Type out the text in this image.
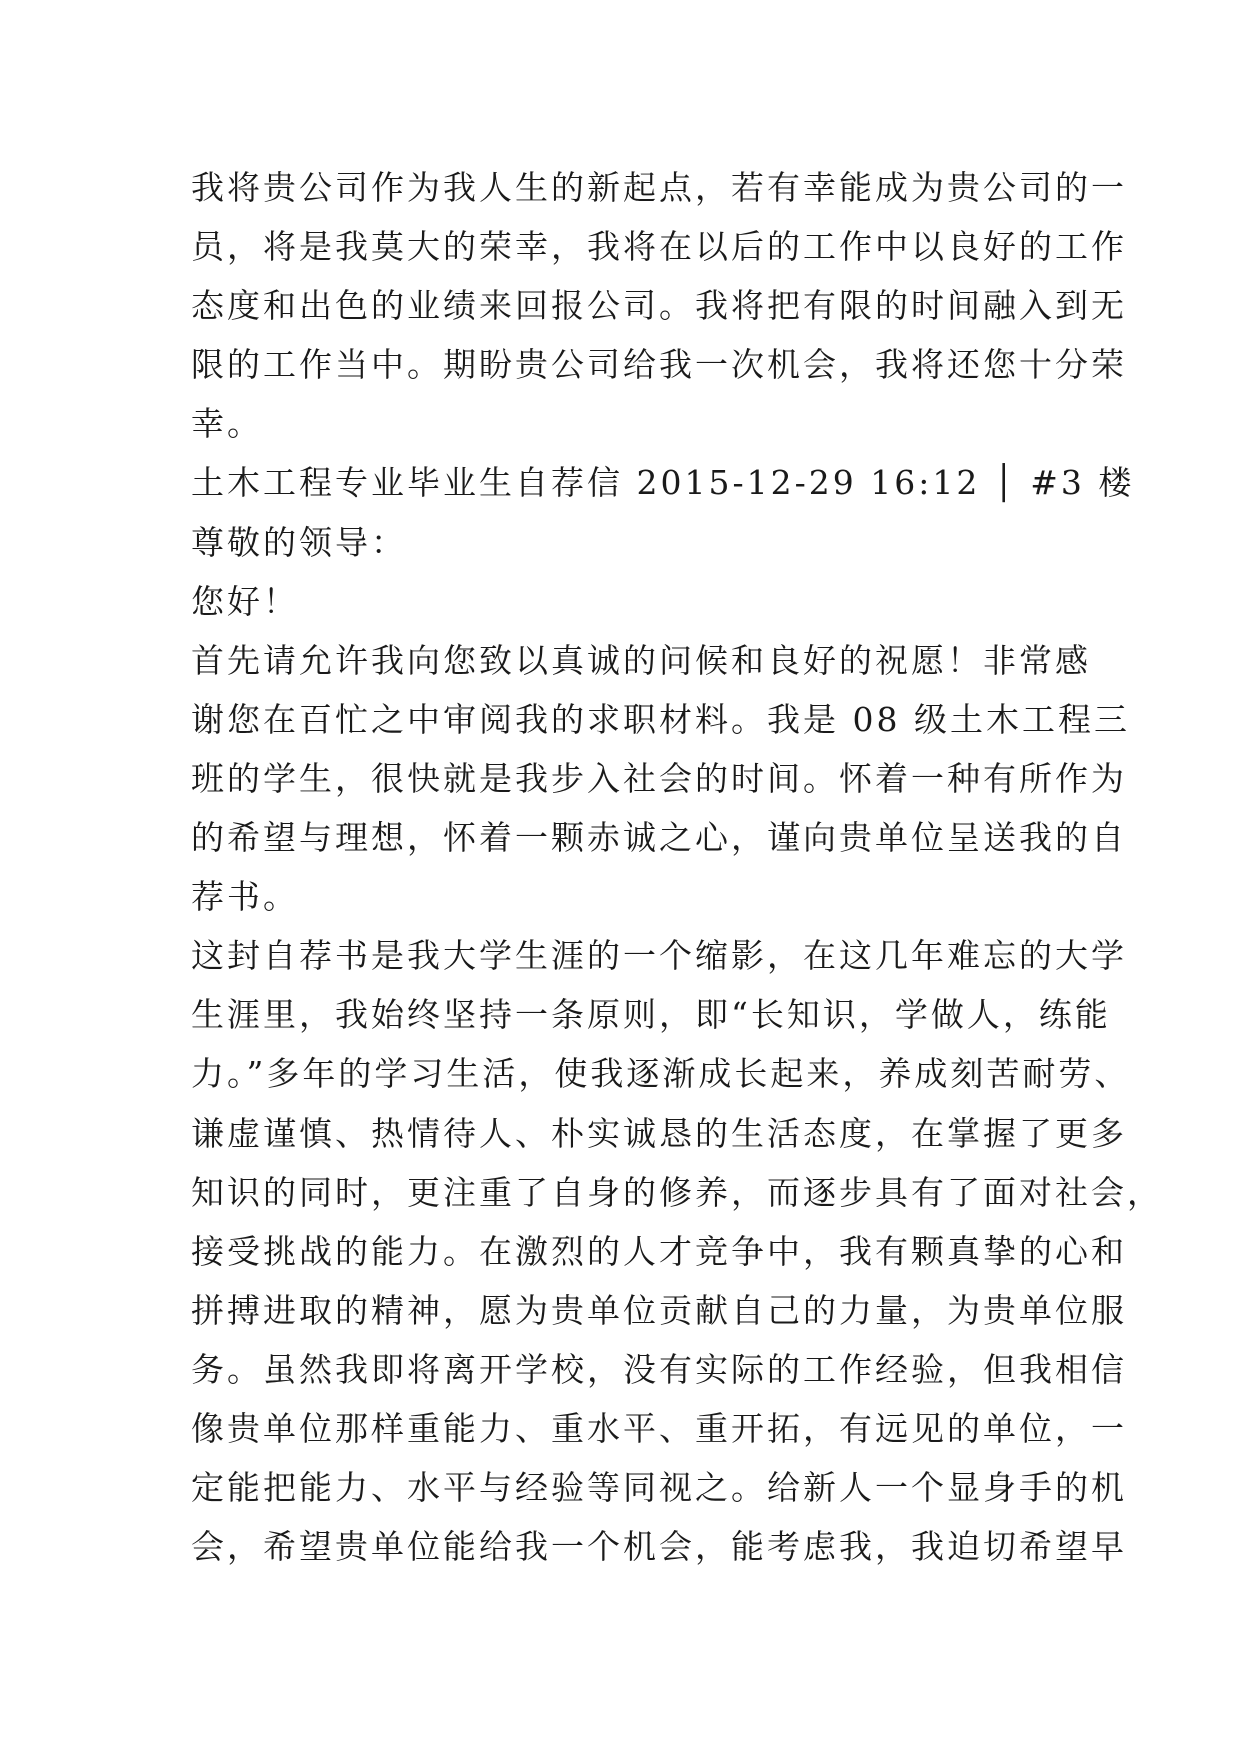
我将贵公司作为我人生的新起点，若有幸能成为贵公司的一
员，将是我莫大的荣幸，我将在以后的工作中以良好的工作
态度和出色的业绩来回报公司。我将把有限的时间融入到无
限的工作当中。期盼贵公司给我一次机会，我将还您十分荣
幸。
土木工程专业毕业生自荐信 2015-12-29 16:12 │ #3 楼
尊敬的领导：
您好！
首先请允许我向您致以真诚的问候和良好的祝愿！非常感
谢您在百忙之中审阅我的求职材料。我是 08 级土木工程三
班的学生，很快就是我步入社会的时间。怀着一种有所作为
的希望与理想，怀着一颗赤诚之心，谨向贵单位呈送我的自
荐书。
这封自荐书是我大学生涯的一个缩影，在这几年难忘的大学
生涯里，我始终坚持一条原则，即“长知识，学做人，练能
力。”多年的学习生活，使我逐渐成长起来，养成刻苦耐劳、
谦虚谨慎、热情待人、朴实诚恳的生活态度，在掌握了更多
知识的同时，更注重了自身的修养，而逐步具有了面对社会，
接受挑战的能力。在激烈的人才竞争中，我有颗真挚的心和
拼搏进取的精神，愿为贵单位贡献自己的力量，为贵单位服
务。虽然我即将离开学校，没有实际的工作经验，但我相信
像贵单位那样重能力、重水平、重开拓，有远见的单位，一
定能把能力、水平与经验等同视之。给新人一个显身手的机
会，希望贵单位能给我一个机会，能考虑我，我迫切希望早
